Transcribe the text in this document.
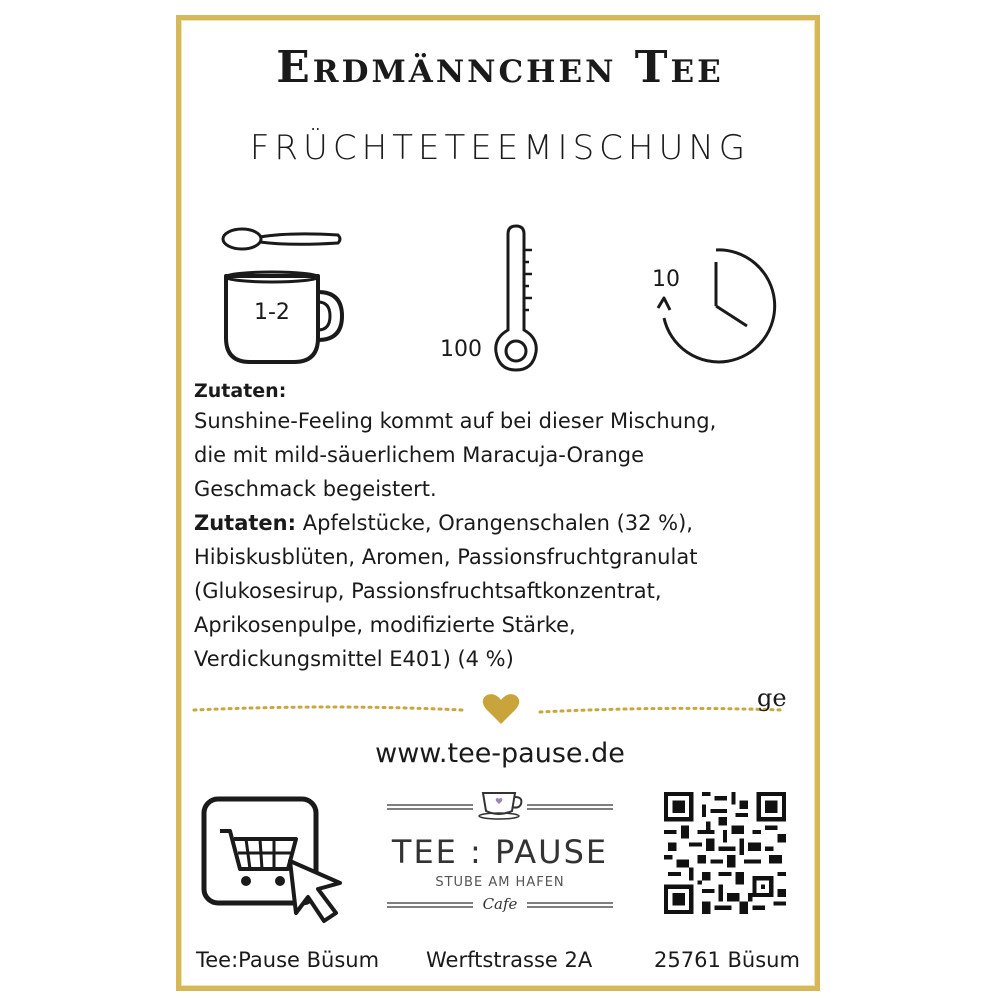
Erdmännchen Tee
FRÜCHTETEEMISCHUNG
1-2
100
10
Zutaten:
Sunshine-Feeling kommt auf bei dieser Mischung,
die mit mild-säuerlichem Maracuja-Orange
Geschmack begeistert.
Zutaten: Apfelstücke, Orangenschalen (32 %),
Hibiskusblüten, Aromen, Passionsfruchtgranulat
(Glukosesirup, Passionsfruchtsaftkonzentrat,
Aprikosenpulpe, modifizierte Stärke,
Verdickungsmittel E401) (4 %)
ge
www.tee-pause.de
TEE : PAUSE
STUBE AM HAFEN
Cafe
Tee:Pause Büsum Werftstrasse 2A	25761 Büsum
